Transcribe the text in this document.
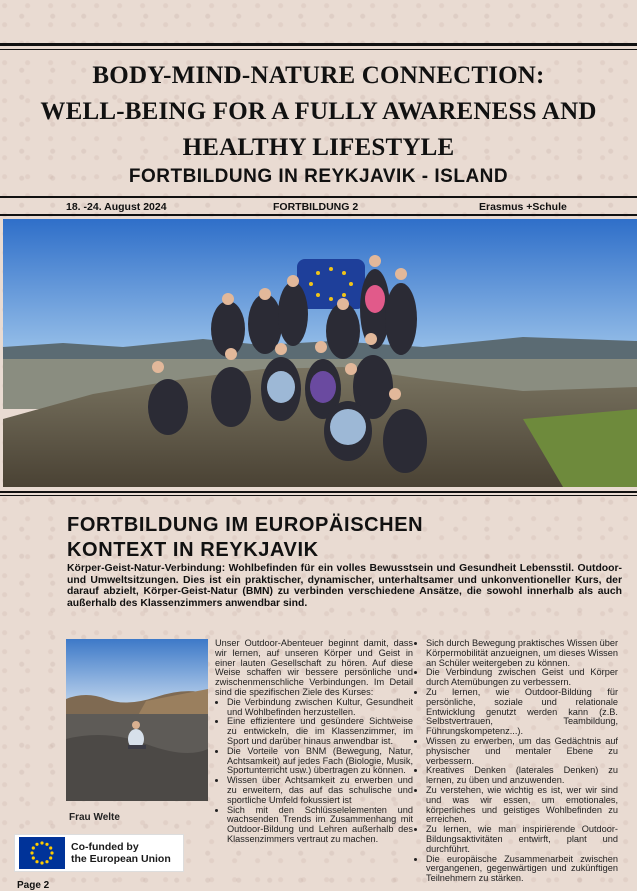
BODY-MIND-NATURE CONNECTION:
WELL-BEING FOR A FULLY AWARENESS AND
HEALTHY LIFESTYLE
FORTBILDUNG IN REYKJAVIK - ISLAND
18. -24. August 2024	FORTBILDUNG 2	Erasmus +Schule
FORTBILDUNG IM EUROPÄISCHEN
KONTEXT IN REYKJAVIK
Körper-Geist-Natur-Verbindung: Wohlbefinden für ein volles Bewusstsein und Gesundheit Lebensstil. Outdoor- und Umweltsitzungen. Dies ist ein praktischer, dynamischer, unterhaltsamer und unkonventioneller Kurs, der darauf abzielt, Körper-Geist-Natur (BMN) zu verbinden verschiedene Ansätze, die sowohl innerhalb als auch außerhalb des Klassenzimmers anwendbar sind.
Frau Welte
Unser Outdoor-Abenteuer beginnt damit, dass wir lernen, auf unseren Körper und Geist in einer lauten Gesellschaft zu hören. Auf diese Weise schaffen wir bessere persönliche und zwischenmenschliche Verbindungen. Im Detail sind die spezifischen Ziele des Kurses:
• Die Verbindung zwischen Kultur, Gesundheit und Wohlbefinden herzustellen.
• Eine effizientere und gesündere Sichtweise zu entwickeln, die im Klassenzimmer, im Sport und darüber hinaus anwendbar ist.
• Die Vorteile von BNM (Bewegung, Natur, Achtsamkeit) auf jedes Fach (Biologie, Musik, Sportunterricht usw.) übertragen zu können.
• Wissen über Achtsamkeit zu erwerben und zu erweitern, das auf das schulische und sportliche Umfeld fokussiert ist
• Sich mit den Schlüsselelementen und wachsenden Trends im Zusammenhang mit Outdoor-Bildung und Lehren außerhalb des Klassenzimmers vertraut zu machen.
• Sich durch Bewegung praktisches Wissen über Körpermobilität anzueignen, um dieses Wissen an Schüler weitergeben zu können.
• Die Verbindung zwischen Geist und Körper durch Atemübungen zu verbessern.
• Zu lernen, wie Outdoor-Bildung für persönliche, soziale und relationale Entwicklung genutzt werden kann (z.B. Selbstvertrauen, Teambildung, Führungskompetenz...).
• Wissen zu erwerben, um das Gedächtnis auf physischer und mentaler Ebene zu verbessern.
• Kreatives Denken (laterales Denken) zu lernen, zu üben und anzuwenden.
• Zu verstehen, wie wichtig es ist, wer wir sind und was wir essen, um emotionales, körperliches und geistiges Wohlbefinden zu erreichen.
• Zu lernen, wie man inspirierende Outdoor-Bildungsaktivitäten entwirft, plant und durchführt.
• Die europäische Zusammenarbeit zwischen vergangenen, gegenwärtigen und zukünftigen Teilnehmern zu stärken.
Co-funded by
the European Union
Page 2
